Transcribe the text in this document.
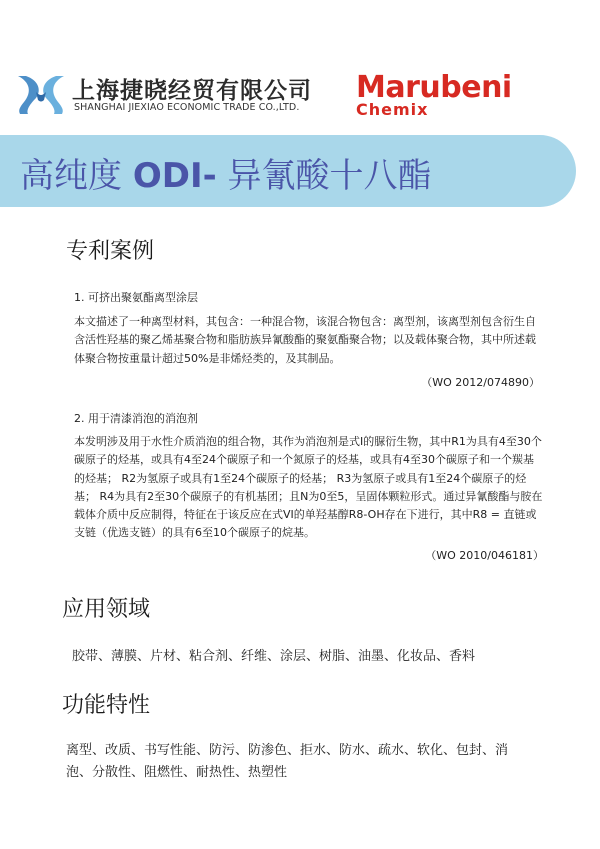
上海捷晓经贸有限公司
SHANGHAI JIEXIAO ECONOMIC TRADE CO.,LTD.
Marubeni
Chemix
高纯度 ODI- 异氰酸十八酯
专利案例
1. 可挤出聚氨酯离型涂层
本文描述了一种离型材料，其包含：一种混合物，该混合物包含：离型剂，该离型剂包含衍生自含活性羟基的聚乙烯基聚合物和脂肪族异氰酸酯的聚氨酯聚合物；以及载体聚合物，其中所述载体聚合物按重量计超过50%是非烯烃类的，及其制品。
（WO 2012/074890）
2. 用于清漆消泡的消泡剂
本发明涉及用于水性介质消泡的组合物，其作为消泡剂是式I的脲衍生物，其中R1为具有4至30个碳原子的烃基，或具有4至24个碳原子和一个氮原子的烃基，或具有4至30个碳原子和一个羰基的烃基； R2为氢原子或具有1至24个碳原子的烃基； R3为氢原子或具有1至24个碳原子的烃基； R4为具有2至30个碳原子的有机基团；且N为0至5，呈固体颗粒形式。通过异氰酸酯与胺在载体介质中反应制得，特征在于该反应在式VI的单羟基醇R8-OH存在下进行，其中R8 = 直链或支链（优选支链）的具有6至10个碳原子的烷基。
（WO 2010/046181）
应用领域
胶带、薄膜、片材、粘合剂、纤维、涂层、树脂、油墨、化妆品、香料
功能特性
离型、改质、书写性能、防污、防渗色、拒水、防水、疏水、软化、包封、消泡、分散性、阻燃性、耐热性、热塑性
